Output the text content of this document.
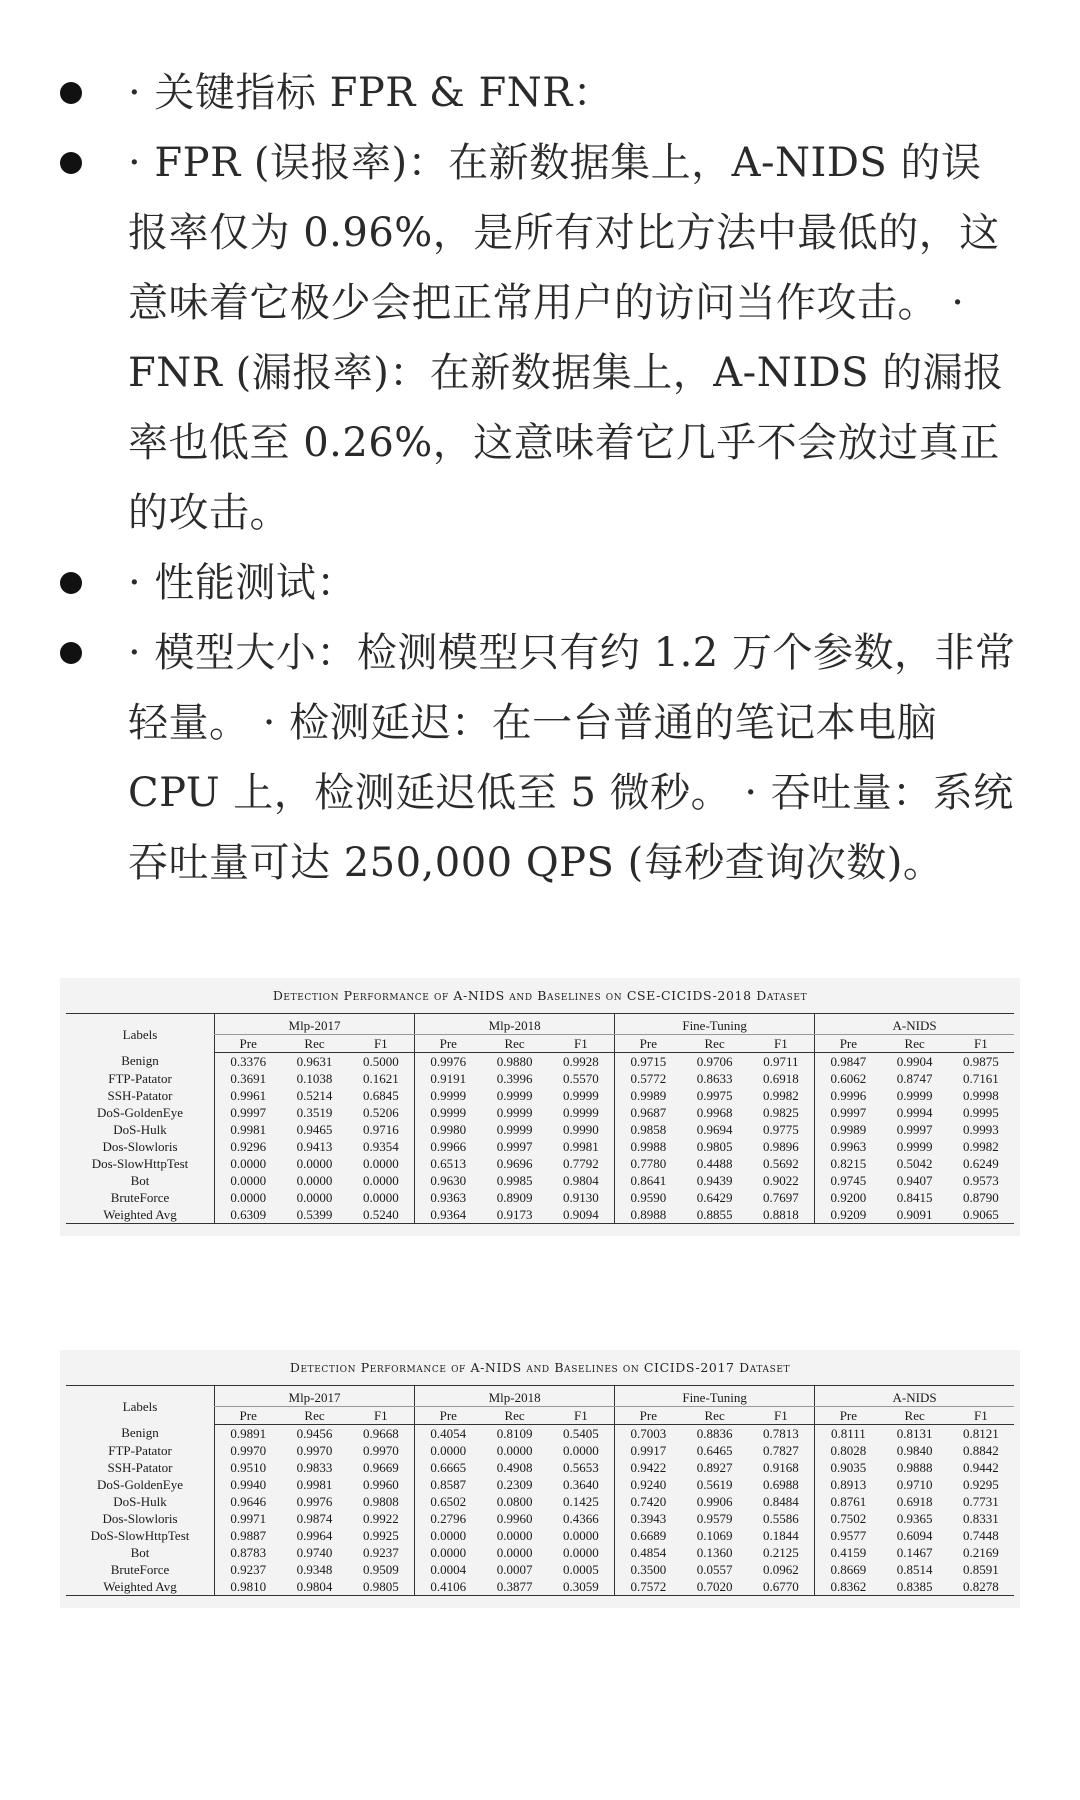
· 关键指标 FPR & FNR：
· FPR (误报率)：在新数据集上，A-NIDS 的误报率仅为 0.96%，是所有对比方法中最低的，这意味着它极少会把正常用户的访问当作攻击。 · FNR (漏报率)：在新数据集上，A-NIDS 的漏报率也低至 0.26%，这意味着它几乎不会放过真正的攻击。
· 性能测试：
· 模型大小：检测模型只有约 1.2 万个参数，非常轻量。 · 检测延迟：在一台普通的笔记本电脑 CPU 上，检测延迟低至 5 微秒。 · 吞吐量：系统吞吐量可达 250,000 QPS (每秒查询次数)。
Detection Performance of A-NIDS and Baselines on CSE-CICIDS-2018 Dataset
Labels	Mlp-2017			Mlp-2018			Fine-Tuning			A-NIDS		
	Pre	Rec	F1	Pre	Rec	F1	Pre	Rec	F1	Pre	Rec	F1
Benign	0.3376	0.9631	0.5000	0.9976	0.9880	0.9928	0.9715	0.9706	0.9711	0.9847	0.9904	0.9875
FTP-Patator	0.3691	0.1038	0.1621	0.9191	0.3996	0.5570	0.5772	0.8633	0.6918	0.6062	0.8747	0.7161
SSH-Patator	0.9961	0.5214	0.6845	0.9999	0.9999	0.9999	0.9989	0.9975	0.9982	0.9996	0.9999	0.9998
DoS-GoldenEye	0.9997	0.3519	0.5206	0.9999	0.9999	0.9999	0.9687	0.9968	0.9825	0.9997	0.9994	0.9995
DoS-Hulk	0.9981	0.9465	0.9716	0.9980	0.9999	0.9990	0.9858	0.9694	0.9775	0.9989	0.9997	0.9993
Dos-Slowloris	0.9296	0.9413	0.9354	0.9966	0.9997	0.9981	0.9988	0.9805	0.9896	0.9963	0.9999	0.9982
Dos-SlowHttpTest	0.0000	0.0000	0.0000	0.6513	0.9696	0.7792	0.7780	0.4488	0.5692	0.8215	0.5042	0.6249
Bot	0.0000	0.0000	0.0000	0.9630	0.9985	0.9804	0.8641	0.9439	0.9022	0.9745	0.9407	0.9573
BruteForce	0.0000	0.0000	0.0000	0.9363	0.8909	0.9130	0.9590	0.6429	0.7697	0.9200	0.8415	0.8790
Weighted Avg	0.6309	0.5399	0.5240	0.9364	0.9173	0.9094	0.8988	0.8855	0.8818	0.9209	0.9091	0.9065
Detection Performance of A-NIDS and Baselines on CICIDS-2017 Dataset
Labels	Mlp-2017			Mlp-2018			Fine-Tuning			A-NIDS		
	Pre	Rec	F1	Pre	Rec	F1	Pre	Rec	F1	Pre	Rec	F1
Benign	0.9891	0.9456	0.9668	0.4054	0.8109	0.5405	0.7003	0.8836	0.7813	0.8111	0.8131	0.8121
FTP-Patator	0.9970	0.9970	0.9970	0.0000	0.0000	0.0000	0.9917	0.6465	0.7827	0.8028	0.9840	0.8842
SSH-Patator	0.9510	0.9833	0.9669	0.6665	0.4908	0.5653	0.9422	0.8927	0.9168	0.9035	0.9888	0.9442
DoS-GoldenEye	0.9940	0.9981	0.9960	0.8587	0.2309	0.3640	0.9240	0.5619	0.6988	0.8913	0.9710	0.9295
DoS-Hulk	0.9646	0.9976	0.9808	0.6502	0.0800	0.1425	0.7420	0.9906	0.8484	0.8761	0.6918	0.7731
Dos-Slowloris	0.9971	0.9874	0.9922	0.2796	0.9960	0.4366	0.3943	0.9579	0.5586	0.7502	0.9365	0.8331
DoS-SlowHttpTest	0.9887	0.9964	0.9925	0.0000	0.0000	0.0000	0.6689	0.1069	0.1844	0.9577	0.6094	0.7448
Bot	0.8783	0.9740	0.9237	0.0000	0.0000	0.0000	0.4854	0.1360	0.2125	0.4159	0.1467	0.2169
BruteForce	0.9237	0.9348	0.9509	0.0004	0.0007	0.0005	0.3500	0.0557	0.0962	0.8669	0.8514	0.8591
Weighted Avg	0.9810	0.9804	0.9805	0.4106	0.3877	0.3059	0.7572	0.7020	0.6770	0.8362	0.8385	0.8278
